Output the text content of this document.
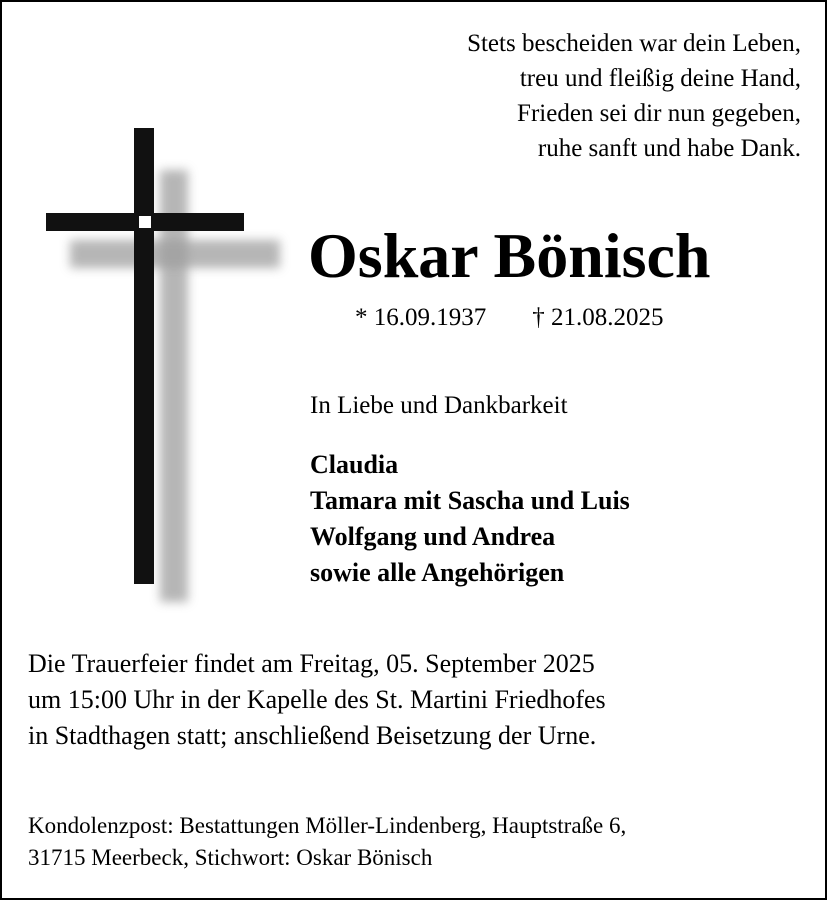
Stets bescheiden war dein Leben,
treu und fleißig deine Hand,
Frieden sei dir nun gegeben,
ruhe sanft und habe Dank.
Oskar Bönisch
* 16.09.1937 † 21.08.2025
In Liebe und Dankbarkeit
Claudia
Tamara mit Sascha und Luis
Wolfgang und Andrea
sowie alle Angehörigen
Die Trauerfeier findet am Freitag, 05. September 2025
um 15:00 Uhr in der Kapelle des St. Martini Friedhofes
in Stadthagen statt; anschließend Beisetzung der Urne.
Kondolenzpost: Bestattungen Möller-Lindenberg, Hauptstraße 6,
31715 Meerbeck, Stichwort: Oskar Bönisch
